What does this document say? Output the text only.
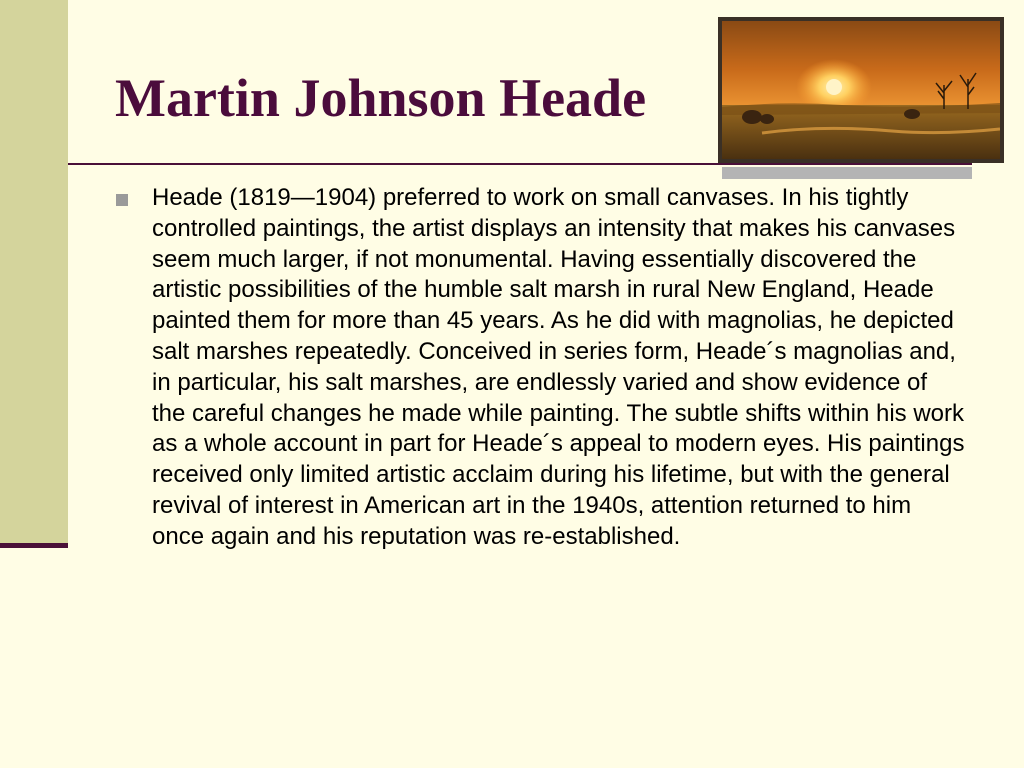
Martin Johnson Heade

Heade (1819—1904) preferred to work on small canvases. In his tightly controlled paintings, the artist displays an intensity that makes his canvases seem much larger, if not monumental. Having essentially discovered the artistic possibilities of the humble salt marsh in rural New England, Heade painted them for more than 45 years. As he did with magnolias, he depicted salt marshes repeatedly. Conceived in series form, Heade´s magnolias and, in particular, his salt marshes, are endlessly varied and show evidence of the careful changes he made while painting. The subtle shifts within his work as a whole account in part for Heade´s appeal to modern eyes. His paintings received only limited artistic acclaim during his lifetime, but with the general revival of interest in American art in the 1940s, attention returned to him once again and his reputation was re-established.
